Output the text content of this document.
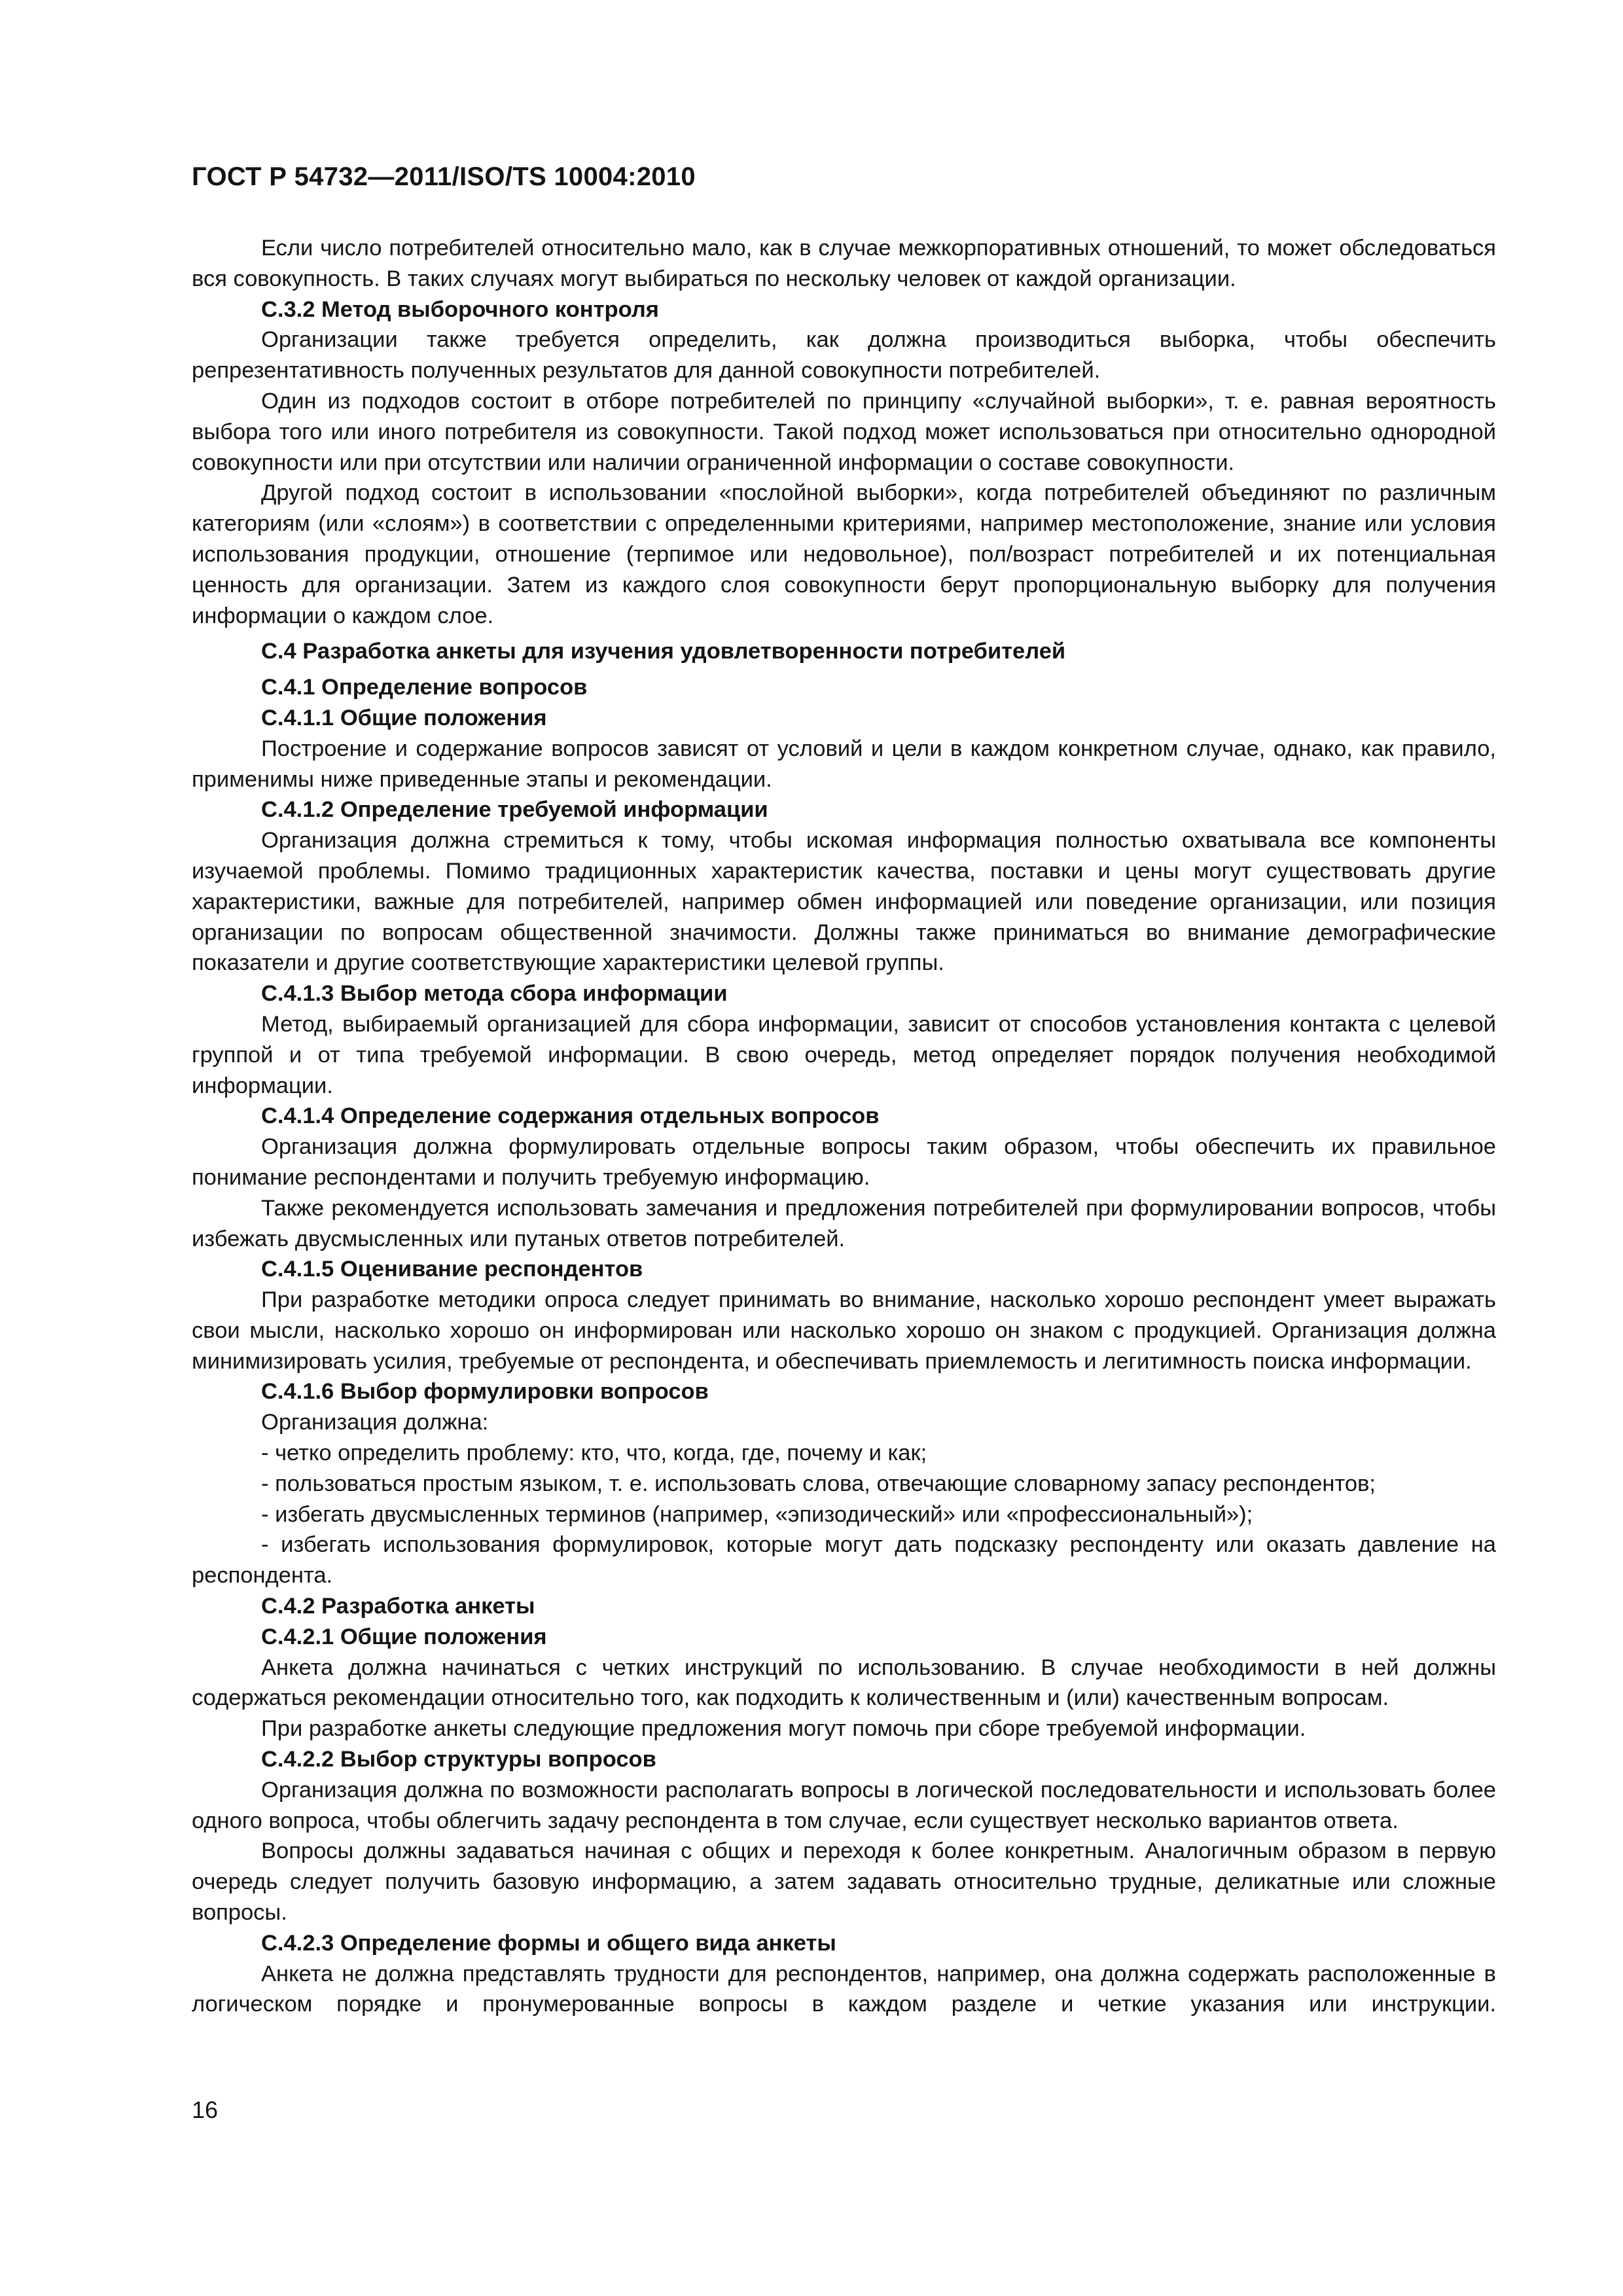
ГОСТ Р 54732—2011/ISO/TS 10004:2010

Если число потребителей относительно мало, как в случае межкорпоративных отношений, то может обследоваться вся совокупность. В таких случаях могут выбираться по нескольку человек от каждой организации.

С.3.2 Метод выборочного контроля

Организации также требуется определить, как должна производиться выборка, чтобы обеспечить репрезентативность полученных результатов для данной совокупности потребителей.

Один из подходов состоит в отборе потребителей по принципу «случайной выборки», т. е. равная вероятность выбора того или иного потребителя из совокупности. Такой подход может использоваться при относительно однородной совокупности или при отсутствии или наличии ограниченной информации о составе совокупности.

Другой подход состоит в использовании «послойной выборки», когда потребителей объединяют по различным категориям (или «слоям») в соответствии с определенными критериями, например местоположение, знание или условия использования продукции, отношение (терпимое или недовольное), пол/возраст потребителей и их потенциальная ценность для организации. Затем из каждого слоя совокупности берут пропорциональную выборку для получения информации о каждом слое.

С.4 Разработка анкеты для изучения удовлетворенности потребителей

С.4.1 Определение вопросов

С.4.1.1 Общие положения

Построение и содержание вопросов зависят от условий и цели в каждом конкретном случае, однако, как правило, применимы ниже приведенные этапы и рекомендации.

С.4.1.2 Определение требуемой информации

Организация должна стремиться к тому, чтобы искомая информация полностью охватывала все компоненты изучаемой проблемы. Помимо традиционных характеристик качества, поставки и цены могут существовать другие характеристики, важные для потребителей, например обмен информацией или поведение организации, или позиция организации по вопросам общественной значимости. Должны также приниматься во внимание демографические показатели и другие соответствующие характеристики целевой группы.

С.4.1.3 Выбор метода сбора информации

Метод, выбираемый организацией для сбора информации, зависит от способов установления контакта с целевой группой и от типа требуемой информации. В свою очередь, метод определяет порядок получения необходимой информации.

С.4.1.4 Определение содержания отдельных вопросов

Организация должна формулировать отдельные вопросы таким образом, чтобы обеспечить их правильное понимание респондентами и получить требуемую информацию.

Также рекомендуется использовать замечания и предложения потребителей при формулировании вопросов, чтобы избежать двусмысленных или путаных ответов потребителей.

С.4.1.5 Оценивание респондентов

При разработке методики опроса следует принимать во внимание, насколько хорошо респондент умеет выражать свои мысли, насколько хорошо он информирован или насколько хорошо он знаком с продукцией. Организация должна минимизировать усилия, требуемые от респондента, и обеспечивать приемлемость и легитимность поиска информации.

С.4.1.6 Выбор формулировки вопросов

Организация должна:

- четко определить проблему: кто, что, когда, где, почему и как;

- пользоваться простым языком, т. е. использовать слова, отвечающие словарному запасу респондентов;

- избегать двусмысленных терминов (например, «эпизодический» или «профессиональный»);

- избегать использования формулировок, которые могут дать подсказку респонденту или оказать давление на респондента.

С.4.2 Разработка анкеты

С.4.2.1 Общие положения

Анкета должна начинаться с четких инструкций по использованию. В случае необходимости в ней должны содержаться рекомендации относительно того, как подходить к количественным и (или) качественным вопросам.

При разработке анкеты следующие предложения могут помочь при сборе требуемой информации.

С.4.2.2 Выбор структуры вопросов

Организация должна по возможности располагать вопросы в логической последовательности и использовать более одного вопроса, чтобы облегчить задачу респондента в том случае, если существует несколько вариантов ответа.

Вопросы должны задаваться начиная с общих и переходя к более конкретным. Аналогичным образом в первую очередь следует получить базовую информацию, а затем задавать относительно трудные, деликатные или сложные вопросы.

С.4.2.3 Определение формы и общего вида анкеты

Анкета не должна представлять трудности для респондентов, например, она должна содержать расположенные в логическом порядке и пронумерованные вопросы в каждом разделе и четкие указания или инструкции.

16
